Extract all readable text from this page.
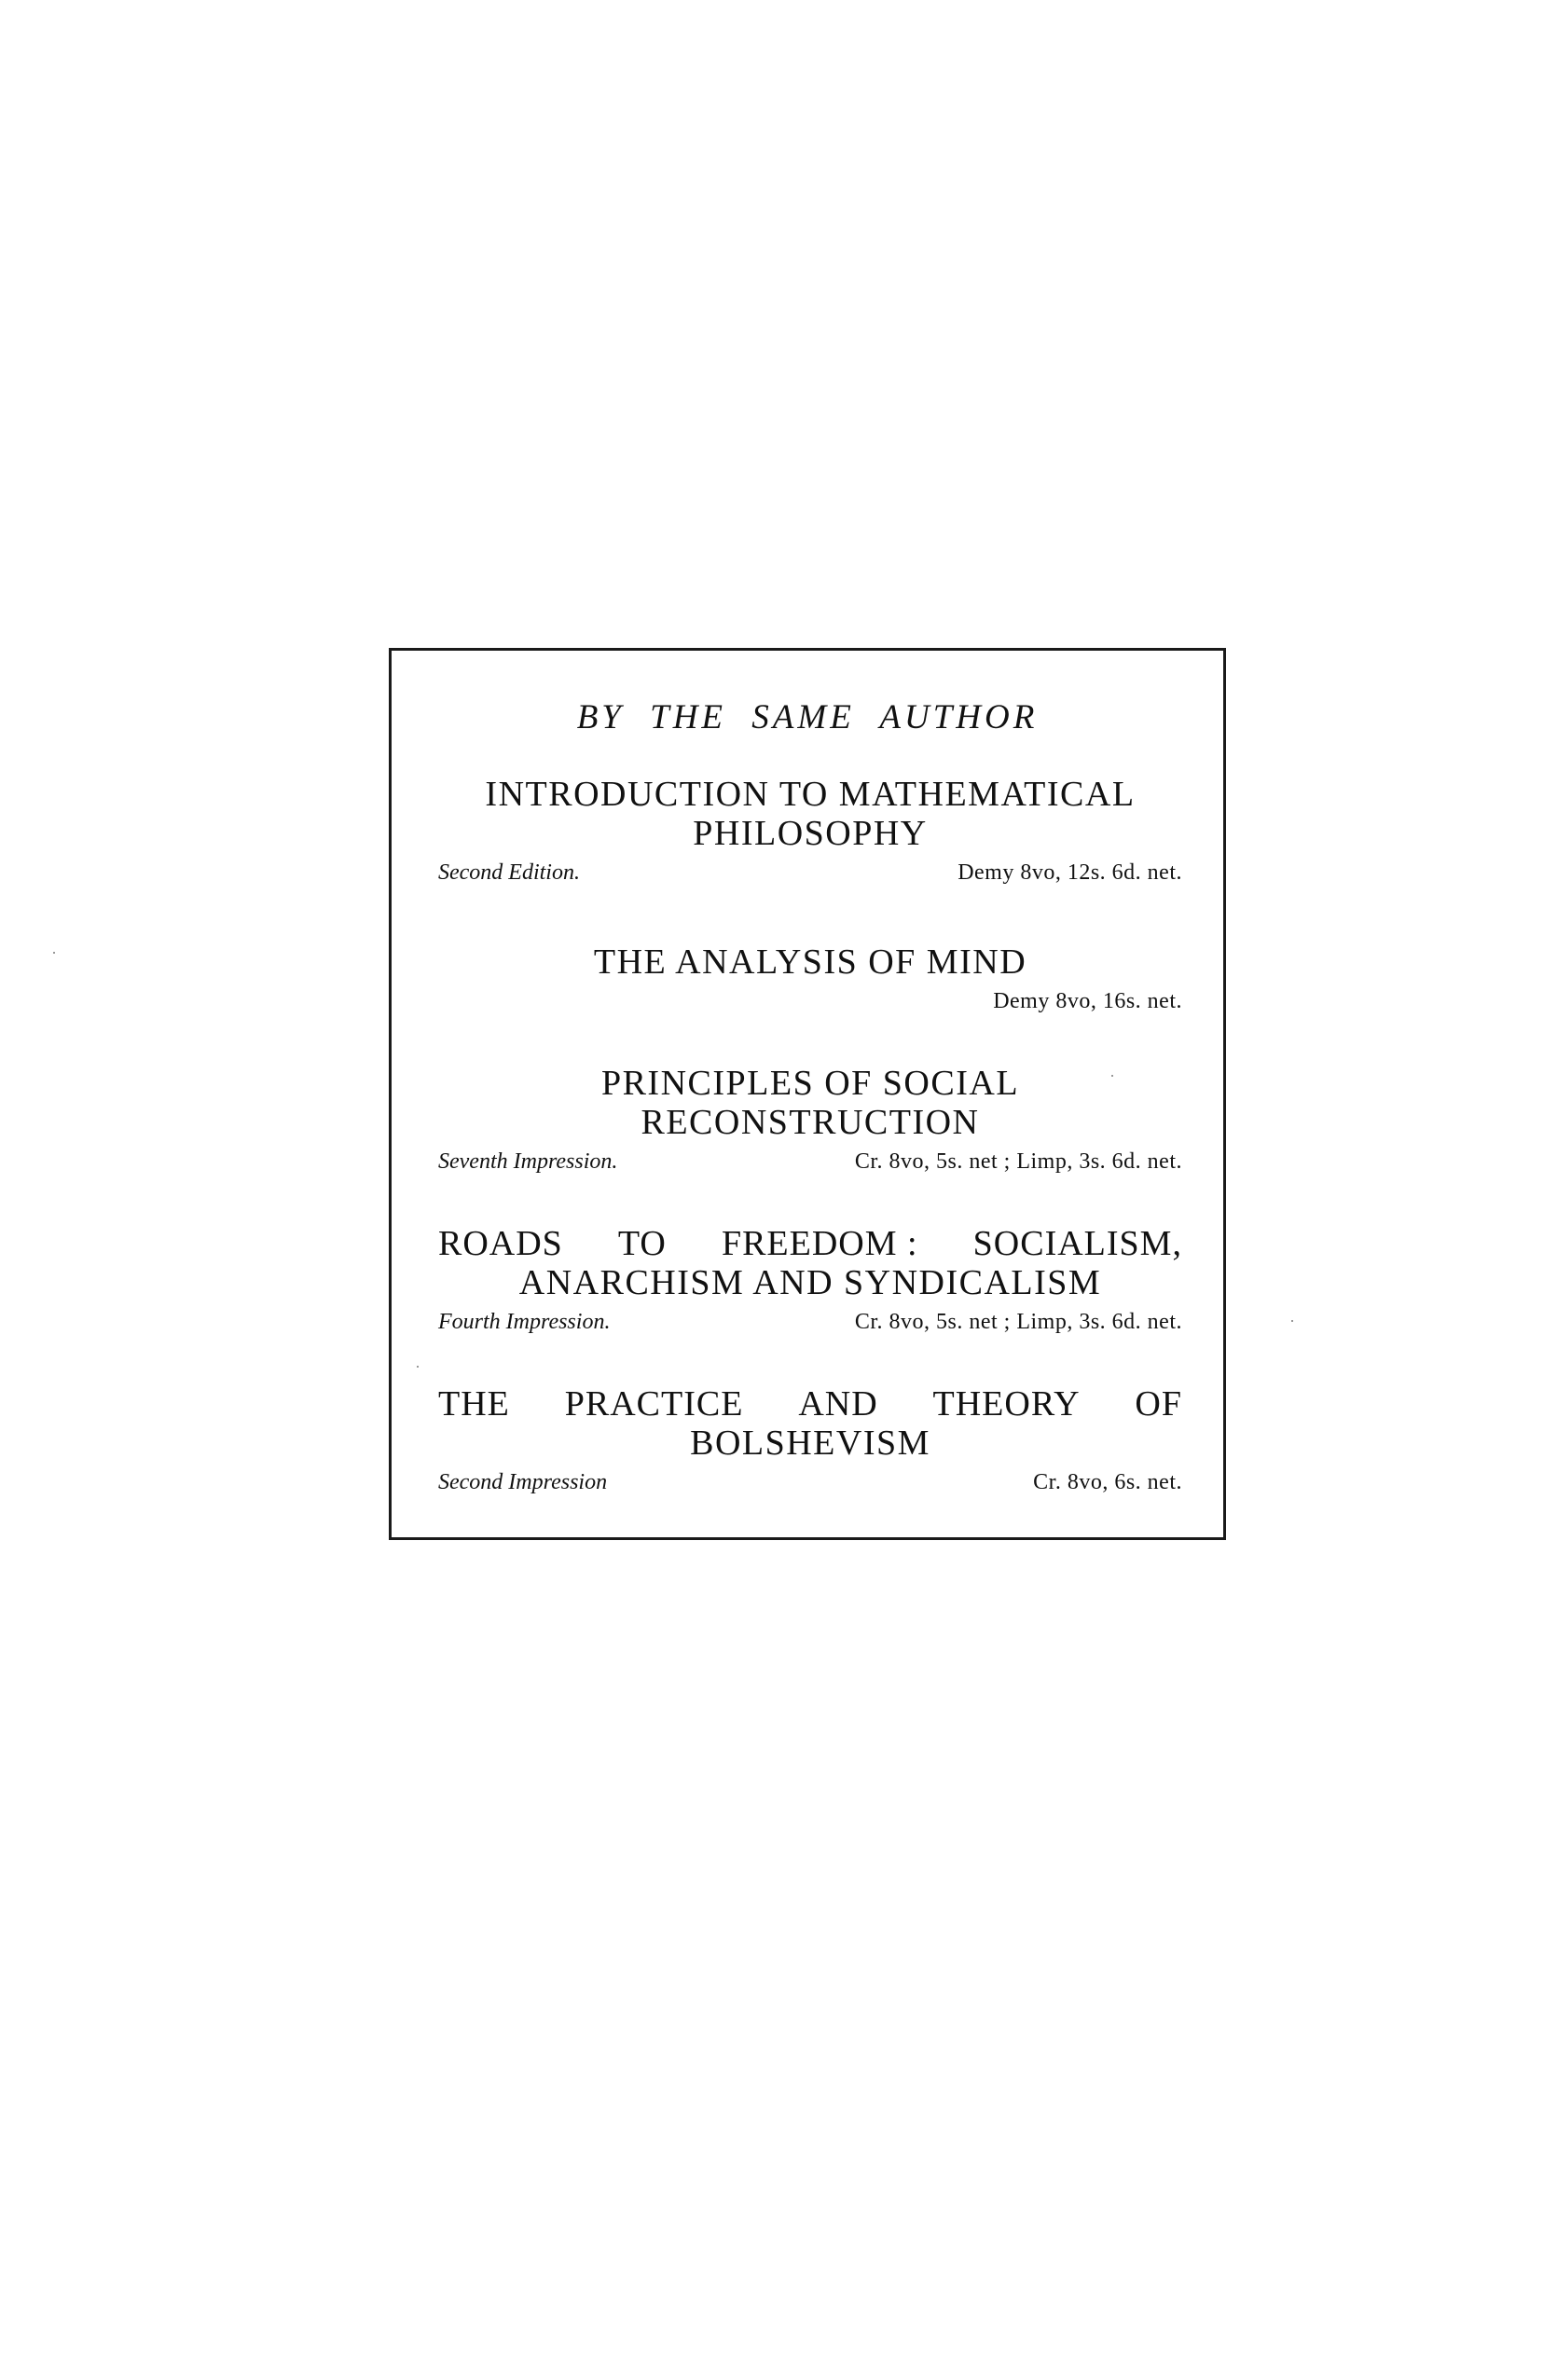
BY THE SAME AUTHOR
INTRODUCTION TO MATHEMATICAL
PHILOSOPHY
Second Edition.	Demy 8vo, 12s. 6d. net.
THE ANALYSIS OF MIND
Demy 8vo, 16s. net.
PRINCIPLES OF SOCIAL
RECONSTRUCTION
Seventh Impression.	Cr. 8vo, 5s. net ; Limp, 3s. 6d. net.
ROADS TO FREEDOM : SOCIALISM,
ANARCHISM AND SYNDICALISM
Fourth Impression.	Cr. 8vo, 5s. net ; Limp, 3s. 6d. net.
THE PRACTICE AND THEORY OF
BOLSHEVISM
Second Impression	Cr. 8vo, 6s. net.
